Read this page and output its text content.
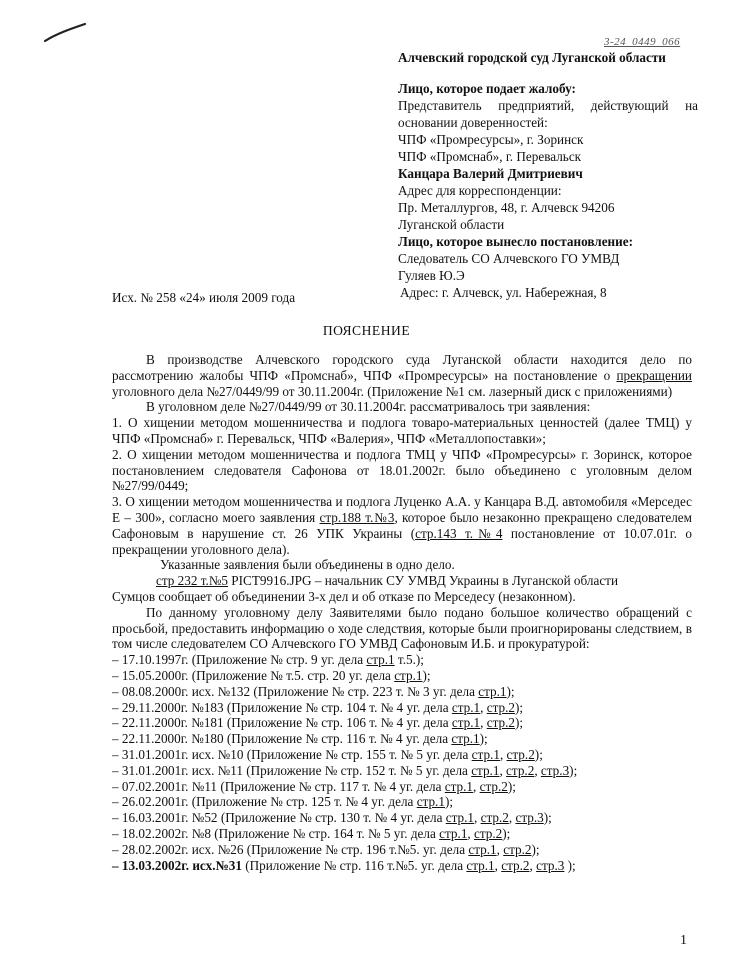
3-24_0449_066
Алчевский городской суд Луганской области
Лицо, которое подает жалобу:
Представитель предприятий, действующий на
основании доверенностей:
ЧПФ «Промресурсы», г. Зоринск
ЧПФ «Промснаб», г. Перевальск
Канцара Валерий Дмитриевич
Адрес для корреспонденции:
Пр. Металлургов, 48, г. Алчевск 94206
Луганской области
Лицо, которое вынесло постановление:
Следователь СО Алчевского ГО УМВД
Гуляев Ю.Э
Адрес: г. Алчевск, ул. Набережная, 8
Исх. № 258 «24» июля 2009 года
ПОЯСНЕНИЕ

В производстве Алчевского городского суда Луганской области находится дело по рассмотрению жалобы ЧПФ «Промснаб», ЧПФ «Промресурсы» на постановление о прекращении уголовного дела №27/0449/99 от 30.11.2004г. (Приложение №1 см. лазерный диск с приложениями)

В уголовном деле №27/0449/99 от 30.11.2004г. рассматривалось три заявления:

1. О хищении методом мошенничества и подлога товаро-материальных ценностей (далее ТМЦ) у ЧПФ «Промснаб» г. Перевальск, ЧПФ «Валерия», ЧПФ «Металлопоставки»;

2. О хищении методом мошенничества и подлога ТМЦ у ЧПФ «Промресурсы» г. Зоринск, которое постановлением следователя Сафонова от 18.01.2002г. было объединено с уголовным делом №27/99/0449;

3. О хищении методом мошенничества и подлога Луценко А.А. у Канцара В.Д. автомобиля «Мерседес Е – 300», согласно моего заявления стр.188 т.№3, которое было незаконно прекращено следователем Сафоновым в нарушение ст. 26 УПК Украины (стр.143 т.№4 постановление от 10.07.01г. о прекращении уголовного дела).

Указанные заявления были объединены в одно дело.

стр 232 т.№5 PICT9916.JPG – начальник СУ УМВД Украины в Луганской области

Сумцов сообщает об объединении 3-х дел и об отказе по Мерседесу (незаконном).

По данному уголовному делу Заявителями было подано большое количество обращений с просьбой, предоставить информацию о ходе следствия, которые были проигнорированы следствием, в том числе следователем СО Алчевского ГО УМВД Сафоновым И.Б. и прокуратурой:

– 17.10.1997г. (Приложение № стр. 9 уг. дела стр.1 т.5.);
– 15.05.2000г. (Приложение № т.5. стр. 20 уг. дела стр.1);
– 08.08.2000г. исх. №132 (Приложение № стр. 223 т. № 3 уг. дела стр.1);
– 29.11.2000г. №183 (Приложение № стр. 104 т. № 4 уг. дела стр.1, стр.2);
– 22.11.2000г. №181 (Приложение № стр. 106 т. № 4 уг. дела стр.1, стр.2);
– 22.11.2000г. №180 (Приложение № стр. 116 т. № 4 уг. дела стр.1);
– 31.01.2001г. исх. №10 (Приложение № стр. 155 т. № 5 уг. дела стр.1, стр.2);
– 31.01.2001г. исх. №11 (Приложение № стр. 152 т. № 5 уг. дела стр.1, стр.2, стр.3);
– 07.02.2001г. №11 (Приложение № стр. 117 т. № 4 уг. дела стр.1, стр.2);
– 26.02.2001г. (Приложение № стр. 125 т. № 4 уг. дела стр.1);
– 16.03.2001г. №52 (Приложение № стр. 130 т. № 4 уг. дела стр.1, стр.2, стр.3);
– 18.02.2002г. №8 (Приложение № стр. 164 т. № 5 уг. дела стр.1, стр.2);
– 28.02.2002г. исх. №26 (Приложение № стр. 196 т.№5. уг. дела стр.1, стр.2);
– 13.03.2002г. исх.№31 (Приложение № стр. 116 т.№5. уг. дела стр.1, стр.2, стр.3 );
1
